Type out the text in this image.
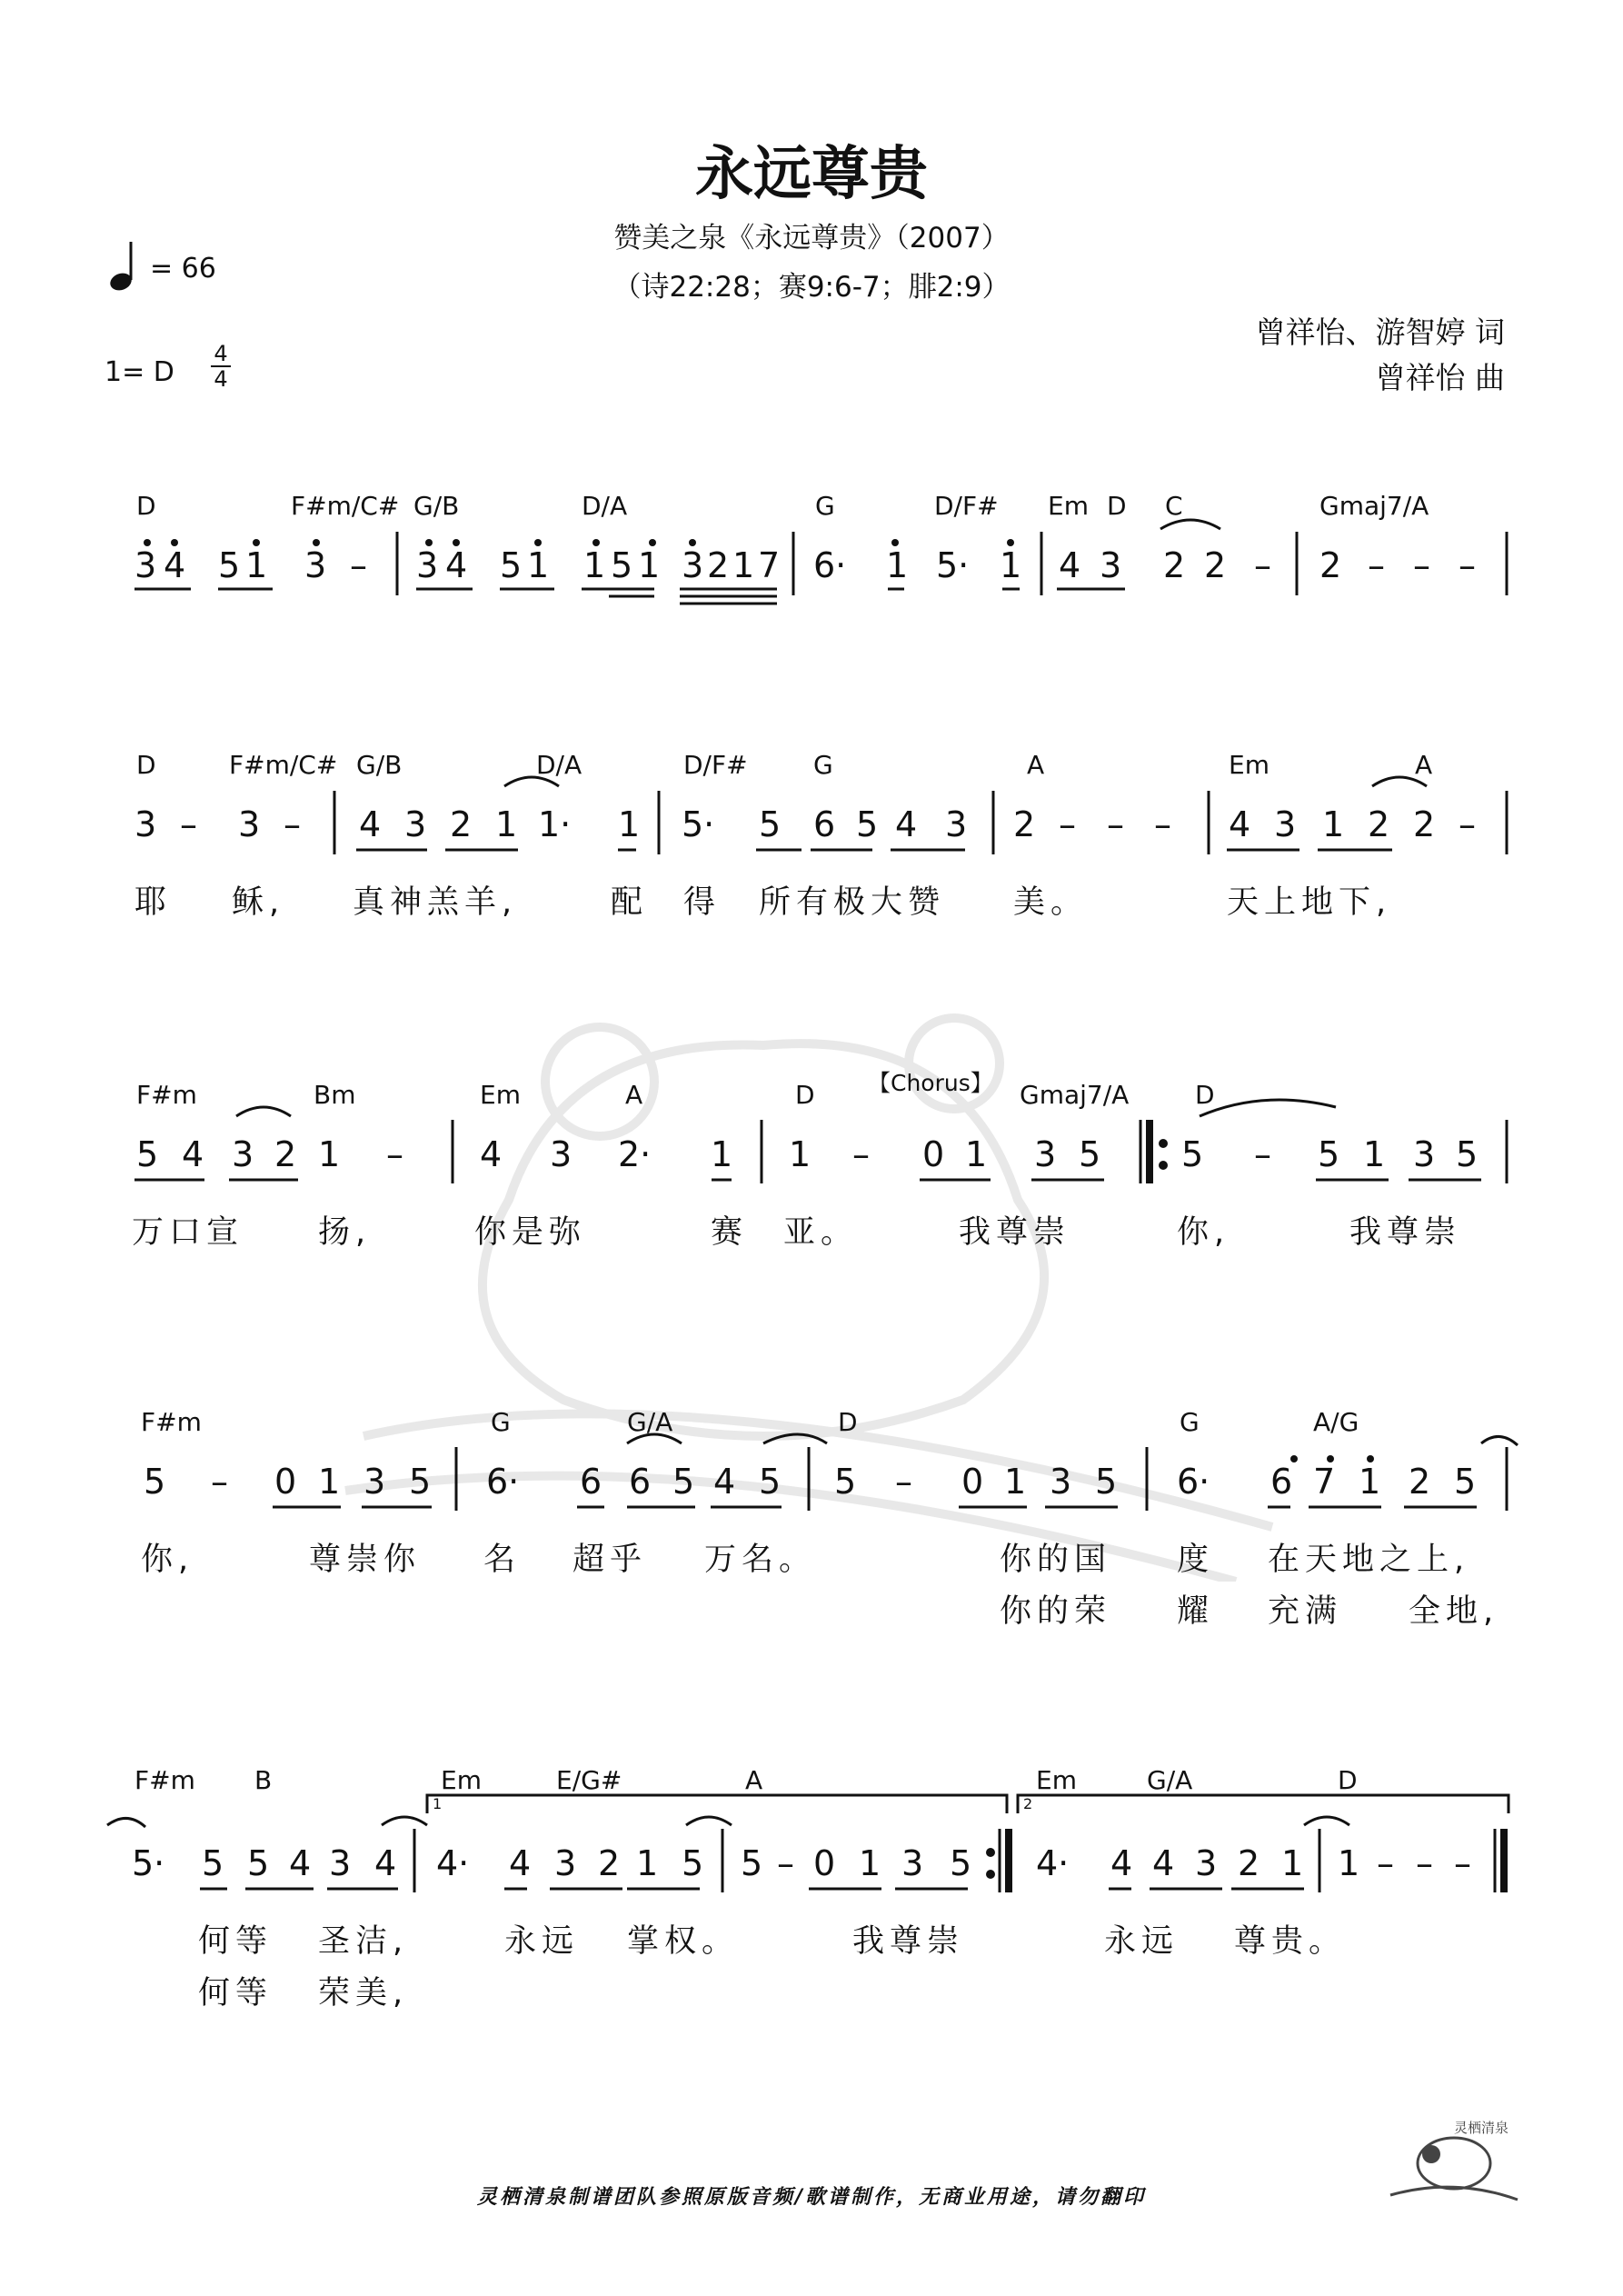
永远尊贵
赞美之泉《永远尊贵》（2007）
（诗22:28；赛9:6-7；腓2:9）
曾祥怡、游智婷 词
曾祥怡 曲
= 66
1= D
4
4
D	F#m/C# G/B	D/A	G	D/F# Em D C	Gmaj7/A
3 4 5 1 3 – 3 4 5 1 1 5 1 3 2 1 7 6· 1 5· 1 4 3 2 2 – 2 – – –
D	F#m/C# G/B	D/A	D/F#	G	A	Em	A
3 – 3 – 4 3 2 1 1· 1 5· 5 6 5 4 3 2 – – – 4 3 1 2 2 –
耶 稣, 真神羔羊,	配 得 所有极大赞 美。	天上地下,
F#m	Bm	Em	A	D 【Chorus】 Gmaj7/A	D
5 4 3 2 1 – 4 3 2· 1 1 – 0 1 3 5 5 – 5 1 3 5
万口宣 扬,	你是弥	赛 亚。	我尊崇	你,	我尊崇
F#m	G	G/A	D	G	A/G
5 – 0 1 3 5 6· 6 6 5 4 5 5 – 0 1 3 5 6· 6 7 1 2 5
你,	尊崇你 名 超乎 万名。	你的国 度 在天地之上,
你的荣 耀 充满 全地,
F#m B	Em	E/G#	A	Em	G/A	D
1	2
5· 5 5 4 3 4 4· 4 3 2 1 5 5 – 0 1 3 5 4· 4 4 3 2 1 1 – – –
何等 圣洁,	永远 掌权。	我尊崇	永远 尊贵。
何等 荣美,
灵栖清泉制谱团队参照原版音频/歌谱制作，无商业用途，请勿翻印
灵栖清泉
